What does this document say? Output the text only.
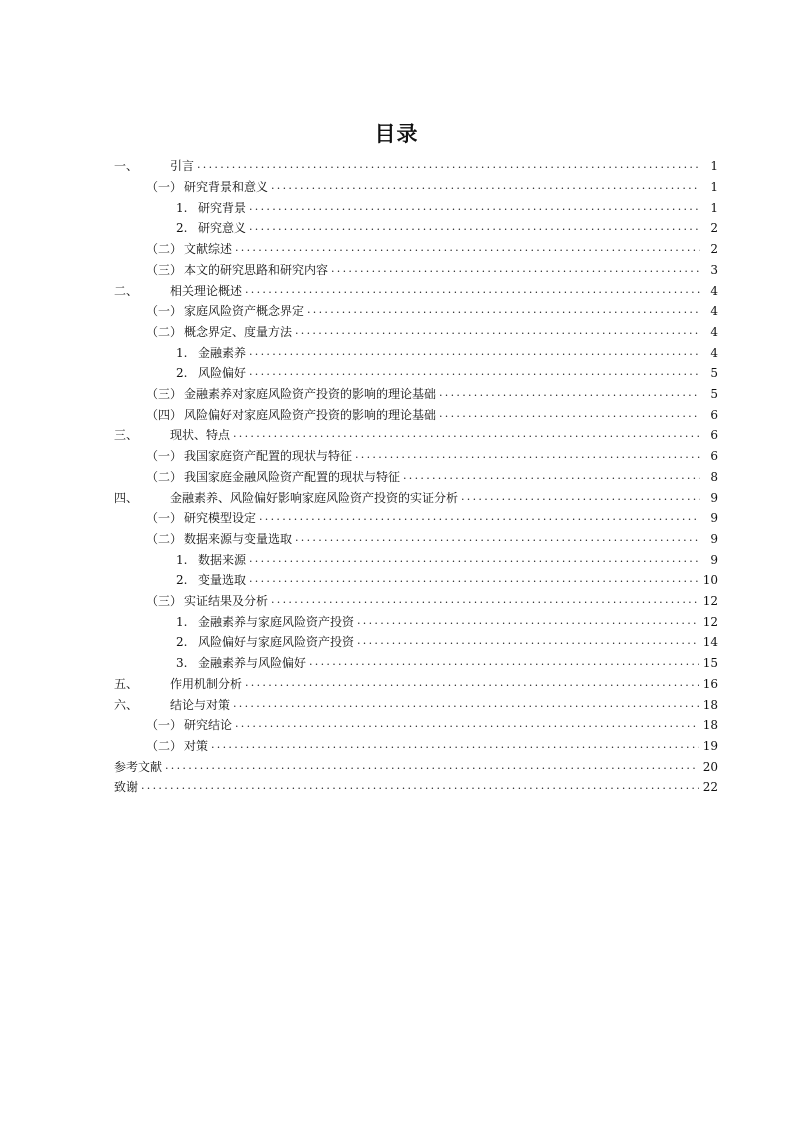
目录
一、	引言 . . .	1
（一） 研究背景和意义 . . .	1
1. 研究背景 . . .	1
2. 研究意义 . . .	2
（二） 文献综述 . . .	2
（三） 本文的研究思路和研究内容 . . .	3
二、	相关理论概述 . . .	4
（一） 家庭风险资产概念界定 . . .	4
（二） 概念界定、度量方法 . . .	4
1. 金融素养 . . .	4
2. 风险偏好 . . .	5
（三） 金融素养对家庭风险资产投资的影响的理论基础 . . .	5
（四） 风险偏好对家庭风险资产投资的影响的理论基础 . . .	6
三、	现状、特点 . . .	6
（一） 我国家庭资产配置的现状与特征 . . .	6
（二） 我国家庭金融风险资产配置的现状与特征 . . .	8
四、	金融素养、风险偏好影响家庭风险资产投资的实证分析 . . .	9
（一） 研究模型设定 . . .	9
（二） 数据来源与变量选取 . . .	9
1. 数据来源 . . .	9
2. 变量选取 . . .	10
（三） 实证结果及分析 . . .	12
1. 金融素养与家庭风险资产投资 . . .	12
2. 风险偏好与家庭风险资产投资 . . .	14
3. 金融素养与风险偏好 . . .	15
五、	作用机制分析 . . .	16
六、	结论与对策 . . .	18
（一） 研究结论 . . .	18
（二） 对策 . . .	19
参考文献 . . .	20
致谢 . . .	22
